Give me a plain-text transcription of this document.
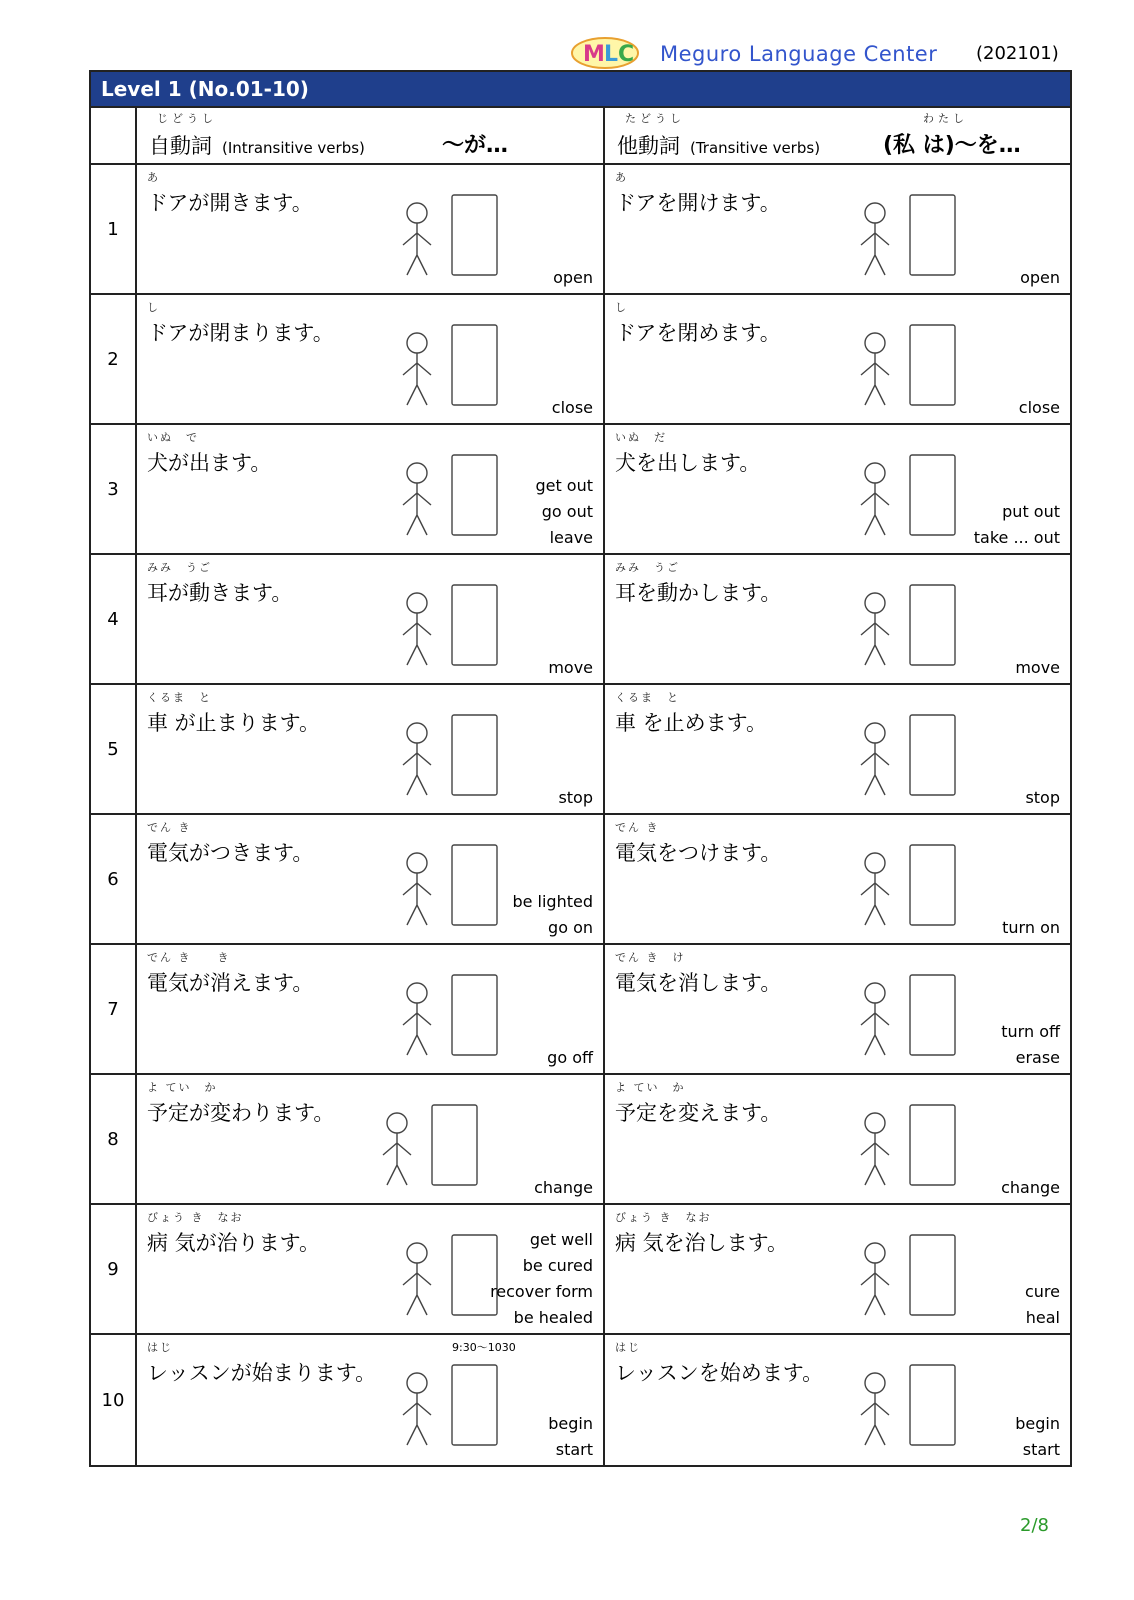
M L C Meguro Language Center (202101)
Level 1 (No.01-10)
じどうし
自動詞 (Intransitive verbs)	～が…
たどうし
他動詞 (Transitive verbs)
わたし
(私 は)～を…
1
あ
ドアが開きます。
open
あ
ドアを開けます。
open
2
し
ドアが閉まります。
close
し
ドアを閉めます。
close
3
いぬ　で
犬が出ます。
get out
go out
leave
いぬ　だ
犬を出します。
put out
take ... out
4
みみ　うご
耳が動きます。
move
みみ　うご
耳を動かします。
move
5
くるま　と
車 が止まります。
stop
くるま　と
車 を止めます。
stop
6
でん き
電気がつきます。
be lighted
go on
でん き
電気をつけます。
turn on
7
でん き　　き
電気が消えます。
go off
でん き　け
電気を消します。
turn off
erase
8
よ てい　か
予定が変わります。
change
よ てい　か
予定を変えます。
change
9
びょう き　なお
病 気が治ります。	get well
be cured
recover form
be healed
びょう き　なお
病 気を治します。
cure
heal
10
はじ
レッスンが始まります。
9:30～1030
begin
start
はじ
レッスンを始めます。
begin
start
2/8
